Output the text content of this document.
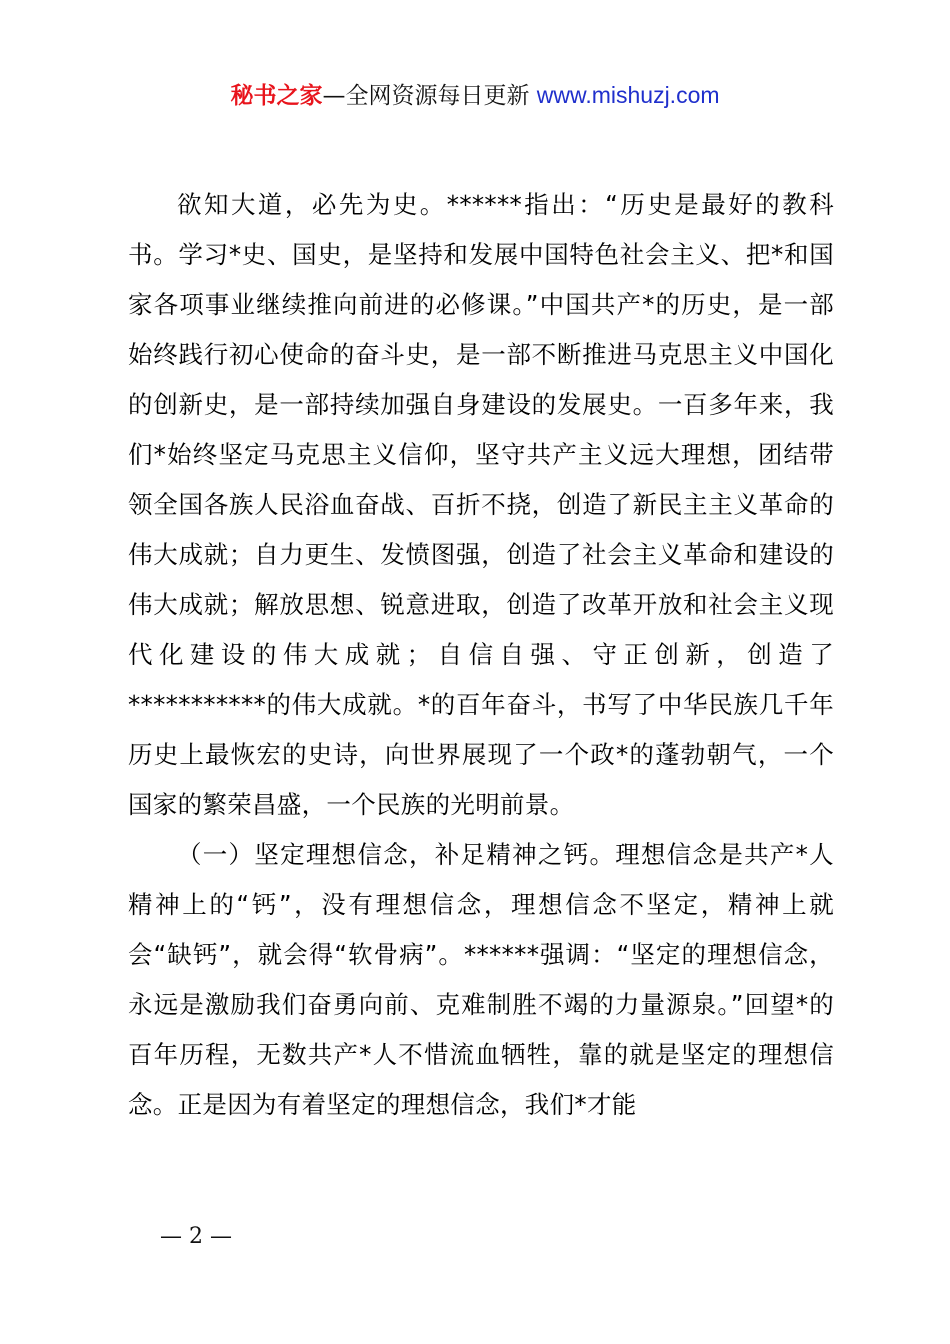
秘书之家—全网资源每日更新 www.mishuzj.com

欲知大道，必先为史。******指出：“历史是最好的教科书。学习*史、国史，是坚持和发展中国特色社会主义、把*和国家各项事业继续推向前进的必修课。”中国共产*的历史，是一部始终践行初心使命的奋斗史，是一部不断推进马克思主义中国化的创新史，是一部持续加强自身建设的发展史。一百多年来，我们*始终坚定马克思主义信仰，坚守共产主义远大理想，团结带领全国各族人民浴血奋战、百折不挠，创造了新民主主义革命的伟大成就；自力更生、发愤图强，创造了社会主义革命和建设的伟大成就；解放思想、锐意进取，创造了改革开放和社会主义现代化建设的伟大成就；自信自强、守正创新，创造了***********的伟大成就。*的百年奋斗，书写了中华民族几千年历史上最恢宏的史诗，向世界展现了一个政*的蓬勃朝气，一个国家的繁荣昌盛，一个民族的光明前景。

（一）坚定理想信念，补足精神之钙。理想信念是共产*人精神上的“钙”，没有理想信念，理想信念不坚定，精神上就会“缺钙”，就会得“软骨病”。******强调：“坚定的理想信念，永远是激励我们奋勇向前、克难制胜不竭的力量源泉。”回望*的百年历程，无数共产*人不惜流血牺牲，靠的就是坚定的理想信念。正是因为有着坚定的理想信念，我们*才能

— 2 —
